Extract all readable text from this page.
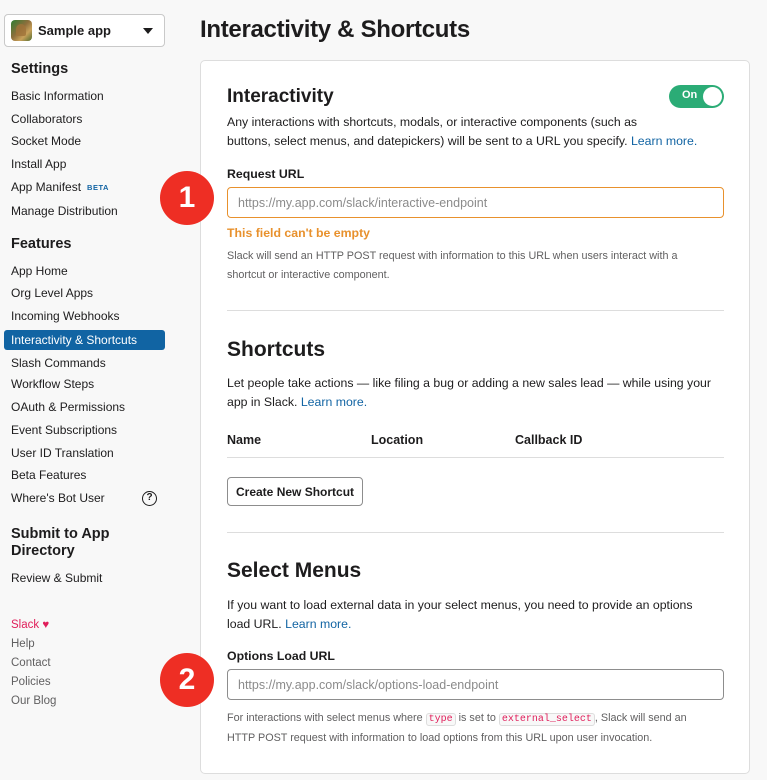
Sample app
Settings
Basic Information
Collaborators
Socket Mode
Install App
App Manifest BETA
Manage Distribution
Features
App Home
Org Level Apps
Incoming Webhooks
Interactivity & Shortcuts
Slash Commands
Workflow Steps
OAuth & Permissions
Event Subscriptions
User ID Translation
Beta Features
Where's Bot User	?
Submit to App
Directory
Review & Submit
Slack ♥
Help
Contact
Policies
Our Blog
Interactivity & Shortcuts
Interactivity	On
Any interactions with shortcuts, modals, or interactive components (such as
buttons, select menus, and datepickers) will be sent to a URL you specify. Learn more.
Request URL
https://my.app.com/slack/interactive-endpoint
This field can't be empty
Slack will send an HTTP POST request with information to this URL when users interact with a
shortcut or interactive component.
Shortcuts
Let people take actions — like filing a bug or adding a new sales lead — while using your
app in Slack. Learn more.
Name	Location	Callback ID
Create New Shortcut
Select Menus
If you want to load external data in your select menus, you need to provide an options
load URL. Learn more.
Options Load URL
https://my.app.com/slack/options-load-endpoint
For interactions with select menus where type is set to external_select , Slack will send an
HTTP POST request with information to load options from this URL upon user invocation.
1
2
